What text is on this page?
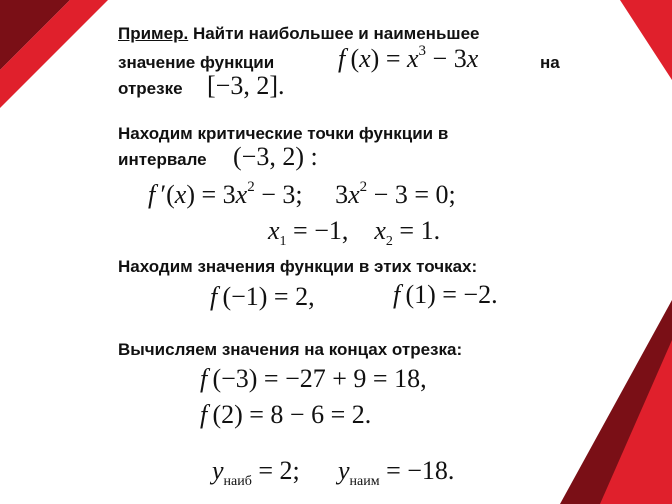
Пример. Найти наибольшее и наименьшее
значение функции f $(x) = x^3 - 3x$	на
отрезке [−3, 2].
Находим критические точки функции в
интервале (−3, 2) :
f $'(x) = 3x^2 - 3$;     $3x^2 - 3 = 0$;
$x_1 = -1$,    $x_2 = 1$.
Находим значения функции в этих точках:
f (−1) = 2,	f (1) = −2.
Вычисляем значения на концах отрезка:
f (−3) = −27 + 9 = 18,
f (2) = 8 − 6 = 2.
$y_{наиб} = 2$; $y_{наим} = -18$.
